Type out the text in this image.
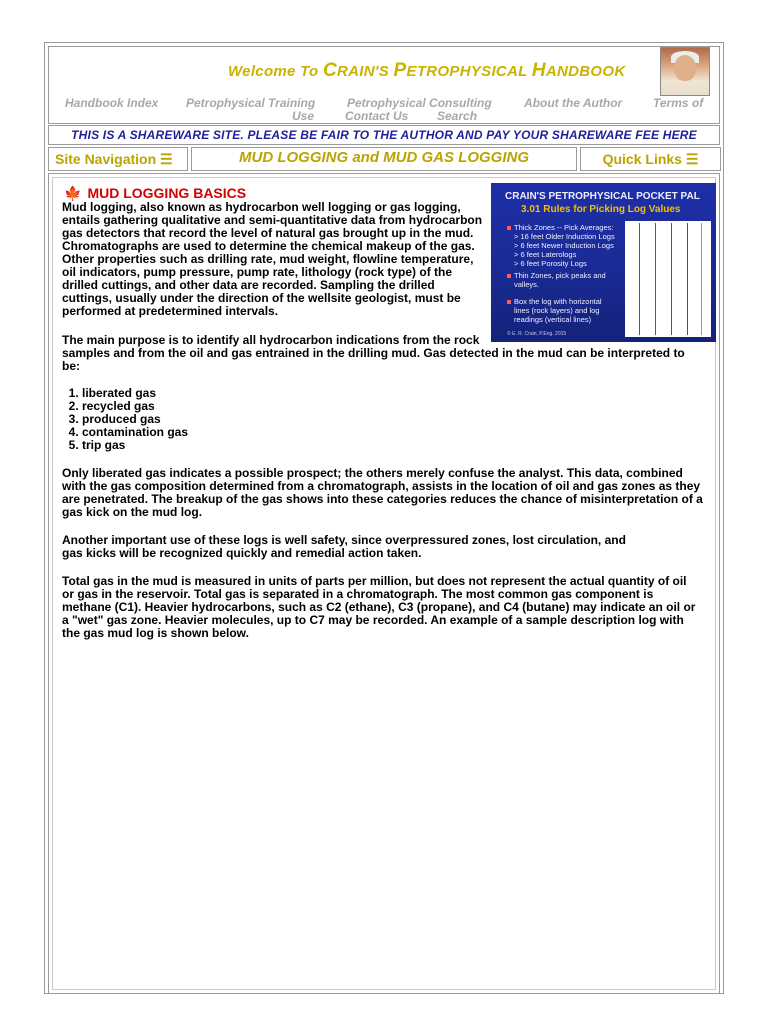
Welcome To CRAIN'S PETROPHYSICAL HANDBOOK
Handbook Index Petrophysical Training	Petrophysical Consulting	About the Author	Terms of
Use	Contact Us Search
THIS IS A SHAREWARE SITE. PLEASE BE FAIR TO THE AUTHOR AND PAY YOUR SHAREWARE FEE HERE
Site Navigation ☰	MUD LOGGING and MUD GAS LOGGING	Quick Links ☰
🍁 MUD LOGGING BASICS

Mud logging, also known as hydrocarbon well logging or gas logging,

entails gathering qualitative and semi-quantitative data from hydrocarbon

gas detectors that record the level of natural gas brought up in the mud.

Chromatographs are used to determine the chemical makeup of the gas.

Other properties such as drilling rate, mud weight, flowline temperature,

oil indicators, pump pressure, pump rate, lithology (rock type) of the

drilled cuttings, and other data are recorded. Sampling the drilled

cuttings, usually under the direction of the wellsite geologist, must be

performed at predetermined intervals.

CRAIN'S PETROPHYSICAL POCKET PAL
3.01 Rules for Picking Log Values
Thick Zones -- Pick Averages:
> 16 feet Older Induction Logs
> 6 feet Newer Induction Logs
> 6 feet Laterologs
> 6 feet Porosity Logs
Thin Zones, pick peaks and
valleys.
Box the log with horizontal
lines (rock layers) and log
readings (vertical lines)
© E. R. Crain, P.Eng. 2015

The main purpose is to identify all hydrocarbon indications from the rock

samples and from the oil and gas entrained in the drilling mud. Gas detected in the mud can be interpreted to

be:

1. liberated gas
2. recycled gas
3. produced gas
4. contamination gas
5. trip gas

Only liberated gas indicates a possible prospect; the others merely confuse the analyst. This data, combined

with the gas composition determined from a chromatograph, assists in the location of oil and gas zones as they

are penetrated. The breakup of the gas shows into these categories reduces the chance of misinterpretation of a

gas kick on the mud log.

Another important use of these logs is well safety, since overpressured zones, lost circulation, and

gas kicks will be recognized quickly and remedial action taken.

Total gas in the mud is measured in units of parts per million, but does not represent the actual quantity of oil

or gas in the reservoir. Total gas is separated in a chromatograph. The most common gas component is

methane (C1). Heavier hydrocarbons, such as C2 (ethane), C3 (propane), and C4 (butane) may indicate an oil or

a "wet" gas zone. Heavier molecules, up to C7 may be recorded. An example of a sample description log with

the gas mud log is shown below.
